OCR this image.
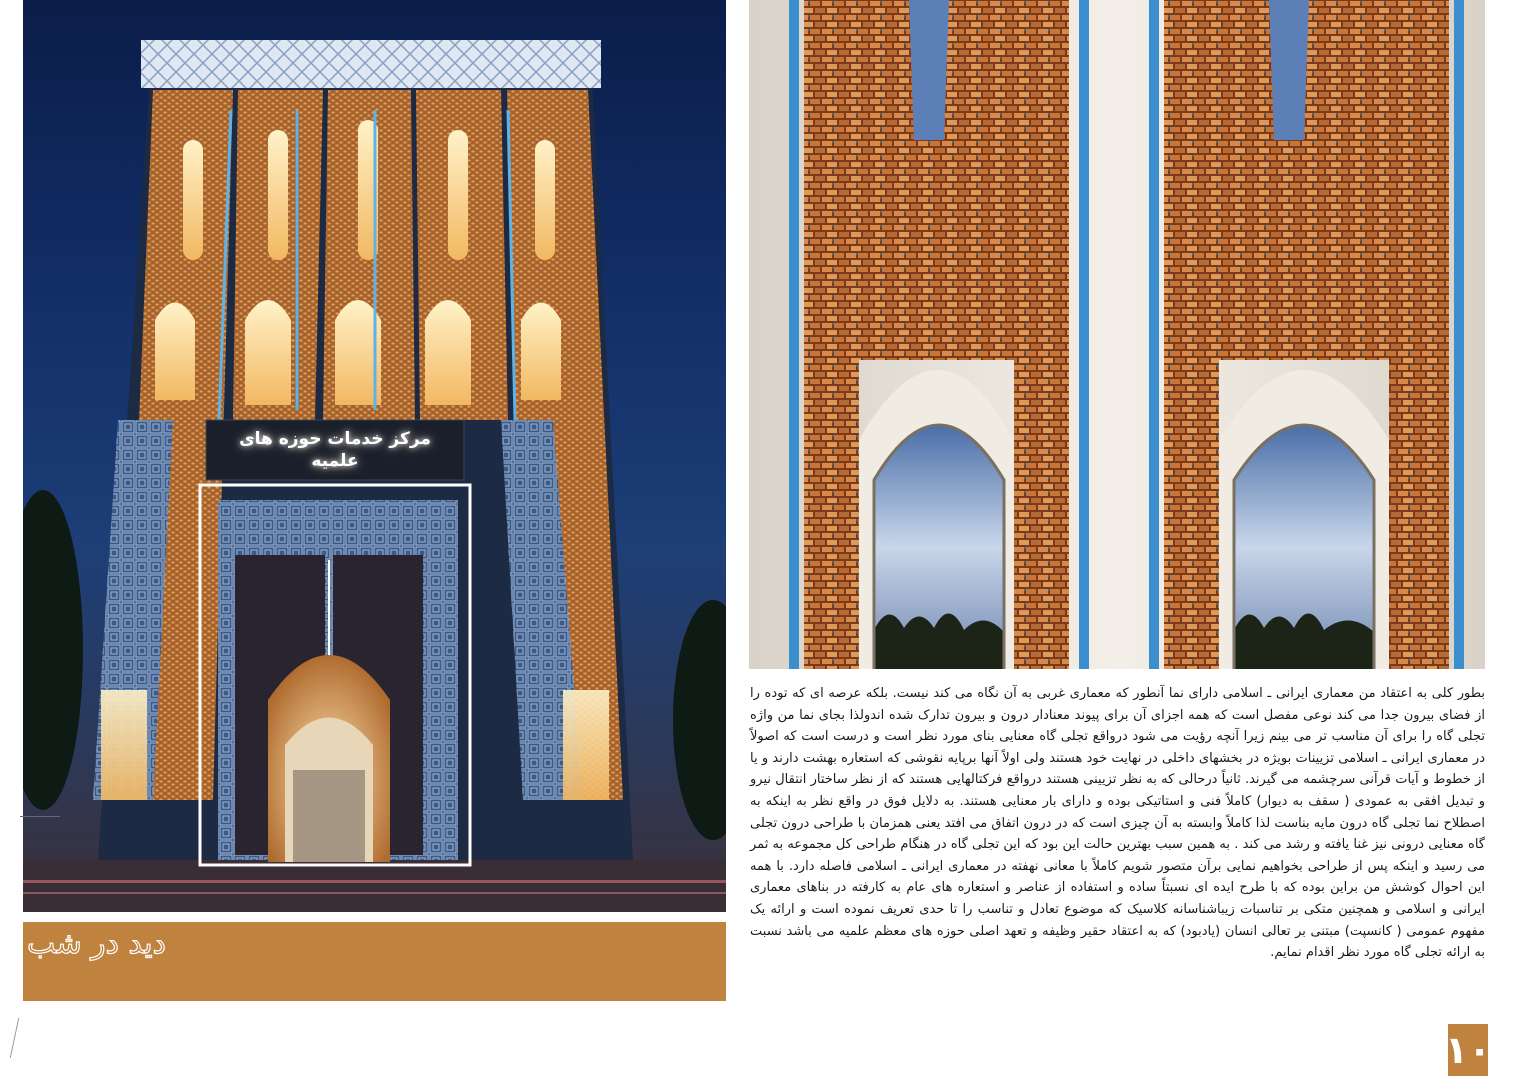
مرکز خدمات حوزه های علمیه
دید در شب

بطور کلی به اعتقاد من معماری ایرانی ـ اسلامی دارای نما آنطور که معماری غربی به آن نگاه می کند نیست. بلکه عرصه ای که توده را از فضای بیرون جدا می کند نوعی مفصل است که همه اجزای آن برای پیوند معنادار درون و بیرون تدارک شده اندولذا بجای نما من واژه تجلی گاه را برای آن مناسب تر می بینم زیرا آنچه رؤیت می شود درواقع تجلی گاه معنایی بنای مورد نظر است و درست است که اصولاً در معماری ایرانی ـ اسلامی تزیینات بویژه در بخشهای داخلی در نهایت خود هستند ولی اولاً آنها برپایه نقوشی که استعاره بهشت دارند و یا از خطوط و آیات قرآنی سرچشمه می گیرند. ثانیاً درحالی که به نظر تزیینی هستند درواقع فرکتالهایی هستند که از نظر ساختار انتقال نیرو و تبدیل افقی به عمودی ( سقف به دیوار) کاملاً فنی و استاتیکی بوده و دارای بار معنایی هستند. به دلایل فوق در واقع نظر به اینکه به اصطلاح نما تجلی گاه درون مایه بناست لذا کاملاً وابسته به آن چیزی است که در درون اتفاق می افتد یعنی همزمان با طراحی درون تجلی گاه معنایی درونی نیز غنا یافته و رشد می کند . به همین سبب بهترین حالت این بود که این تجلی گاه در هنگام طراحی کل مجموعه به ثمر می رسید و اینکه پس از طراحی بخواهیم نمایی برآن متصور شویم کاملاً با معانی نهفته در معماری ایرانی ـ اسلامی فاصله دارد. با همه این احوال کوشش من براین بوده که با طرح ایده ای نسبتاً ساده و استفاده از عناصر و استعاره های عام به کارفته در بناهای معماری ایرانی و اسلامی و همچنین متکی بر تناسبات زیباشناسانه کلاسیک که موضوع تعادل و تناسب را تا حدی تعریف نموده است و ارائه یک مفهوم عمومی ( کانسپت) مبتنی بر تعالی انسان (یادبود) که به اعتقاد حقیر وظیفه و تعهد اصلی حوزه های معظم علمیه می باشد نسبت به ارائه تجلی گاه مورد نظر اقدام نمایم.

۱۰
